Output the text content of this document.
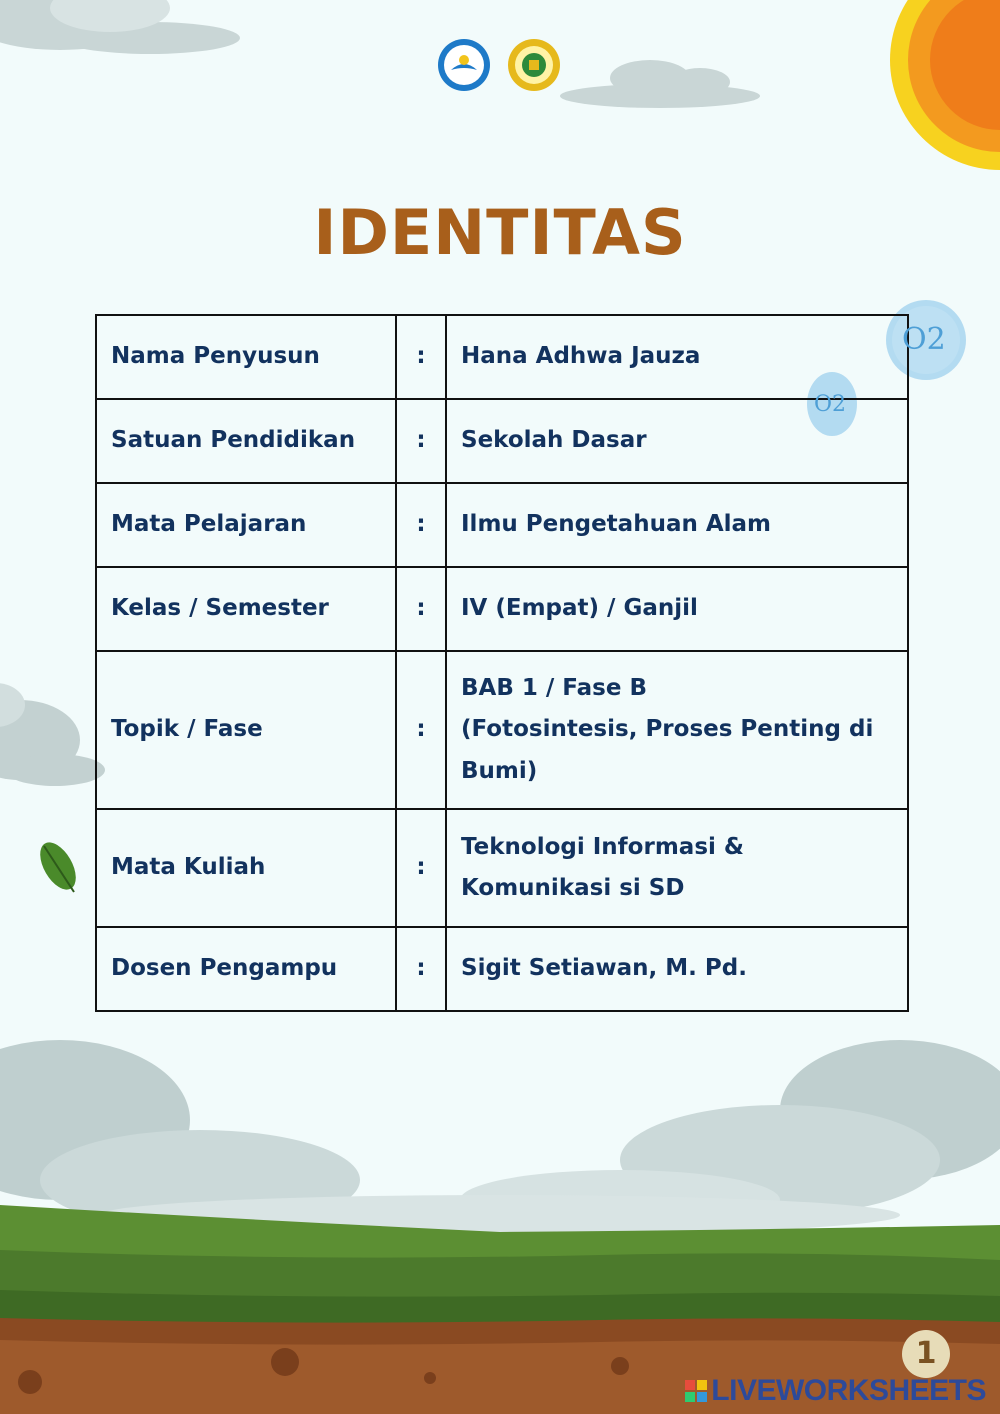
IDENTITAS
Nama Penyusun	:	Hana Adhwa Jauza
Satuan Pendidikan	:	Sekolah Dasar
Mata Pelajaran	:	Ilmu Pengetahuan Alam
Kelas / Semester	:	IV (Empat) / Ganjil
Topik / Fase	:	BAB 1 / Fase B
(Fotosintesis, Proses Penting di Bumi)

Mata Kuliah	:	Teknologi Informasi & Komunikasi si SD
Dosen Pengampu	:	Sigit Setiawan, M. Pd.
O2
O2
1
LIVEWORKSHEETS
